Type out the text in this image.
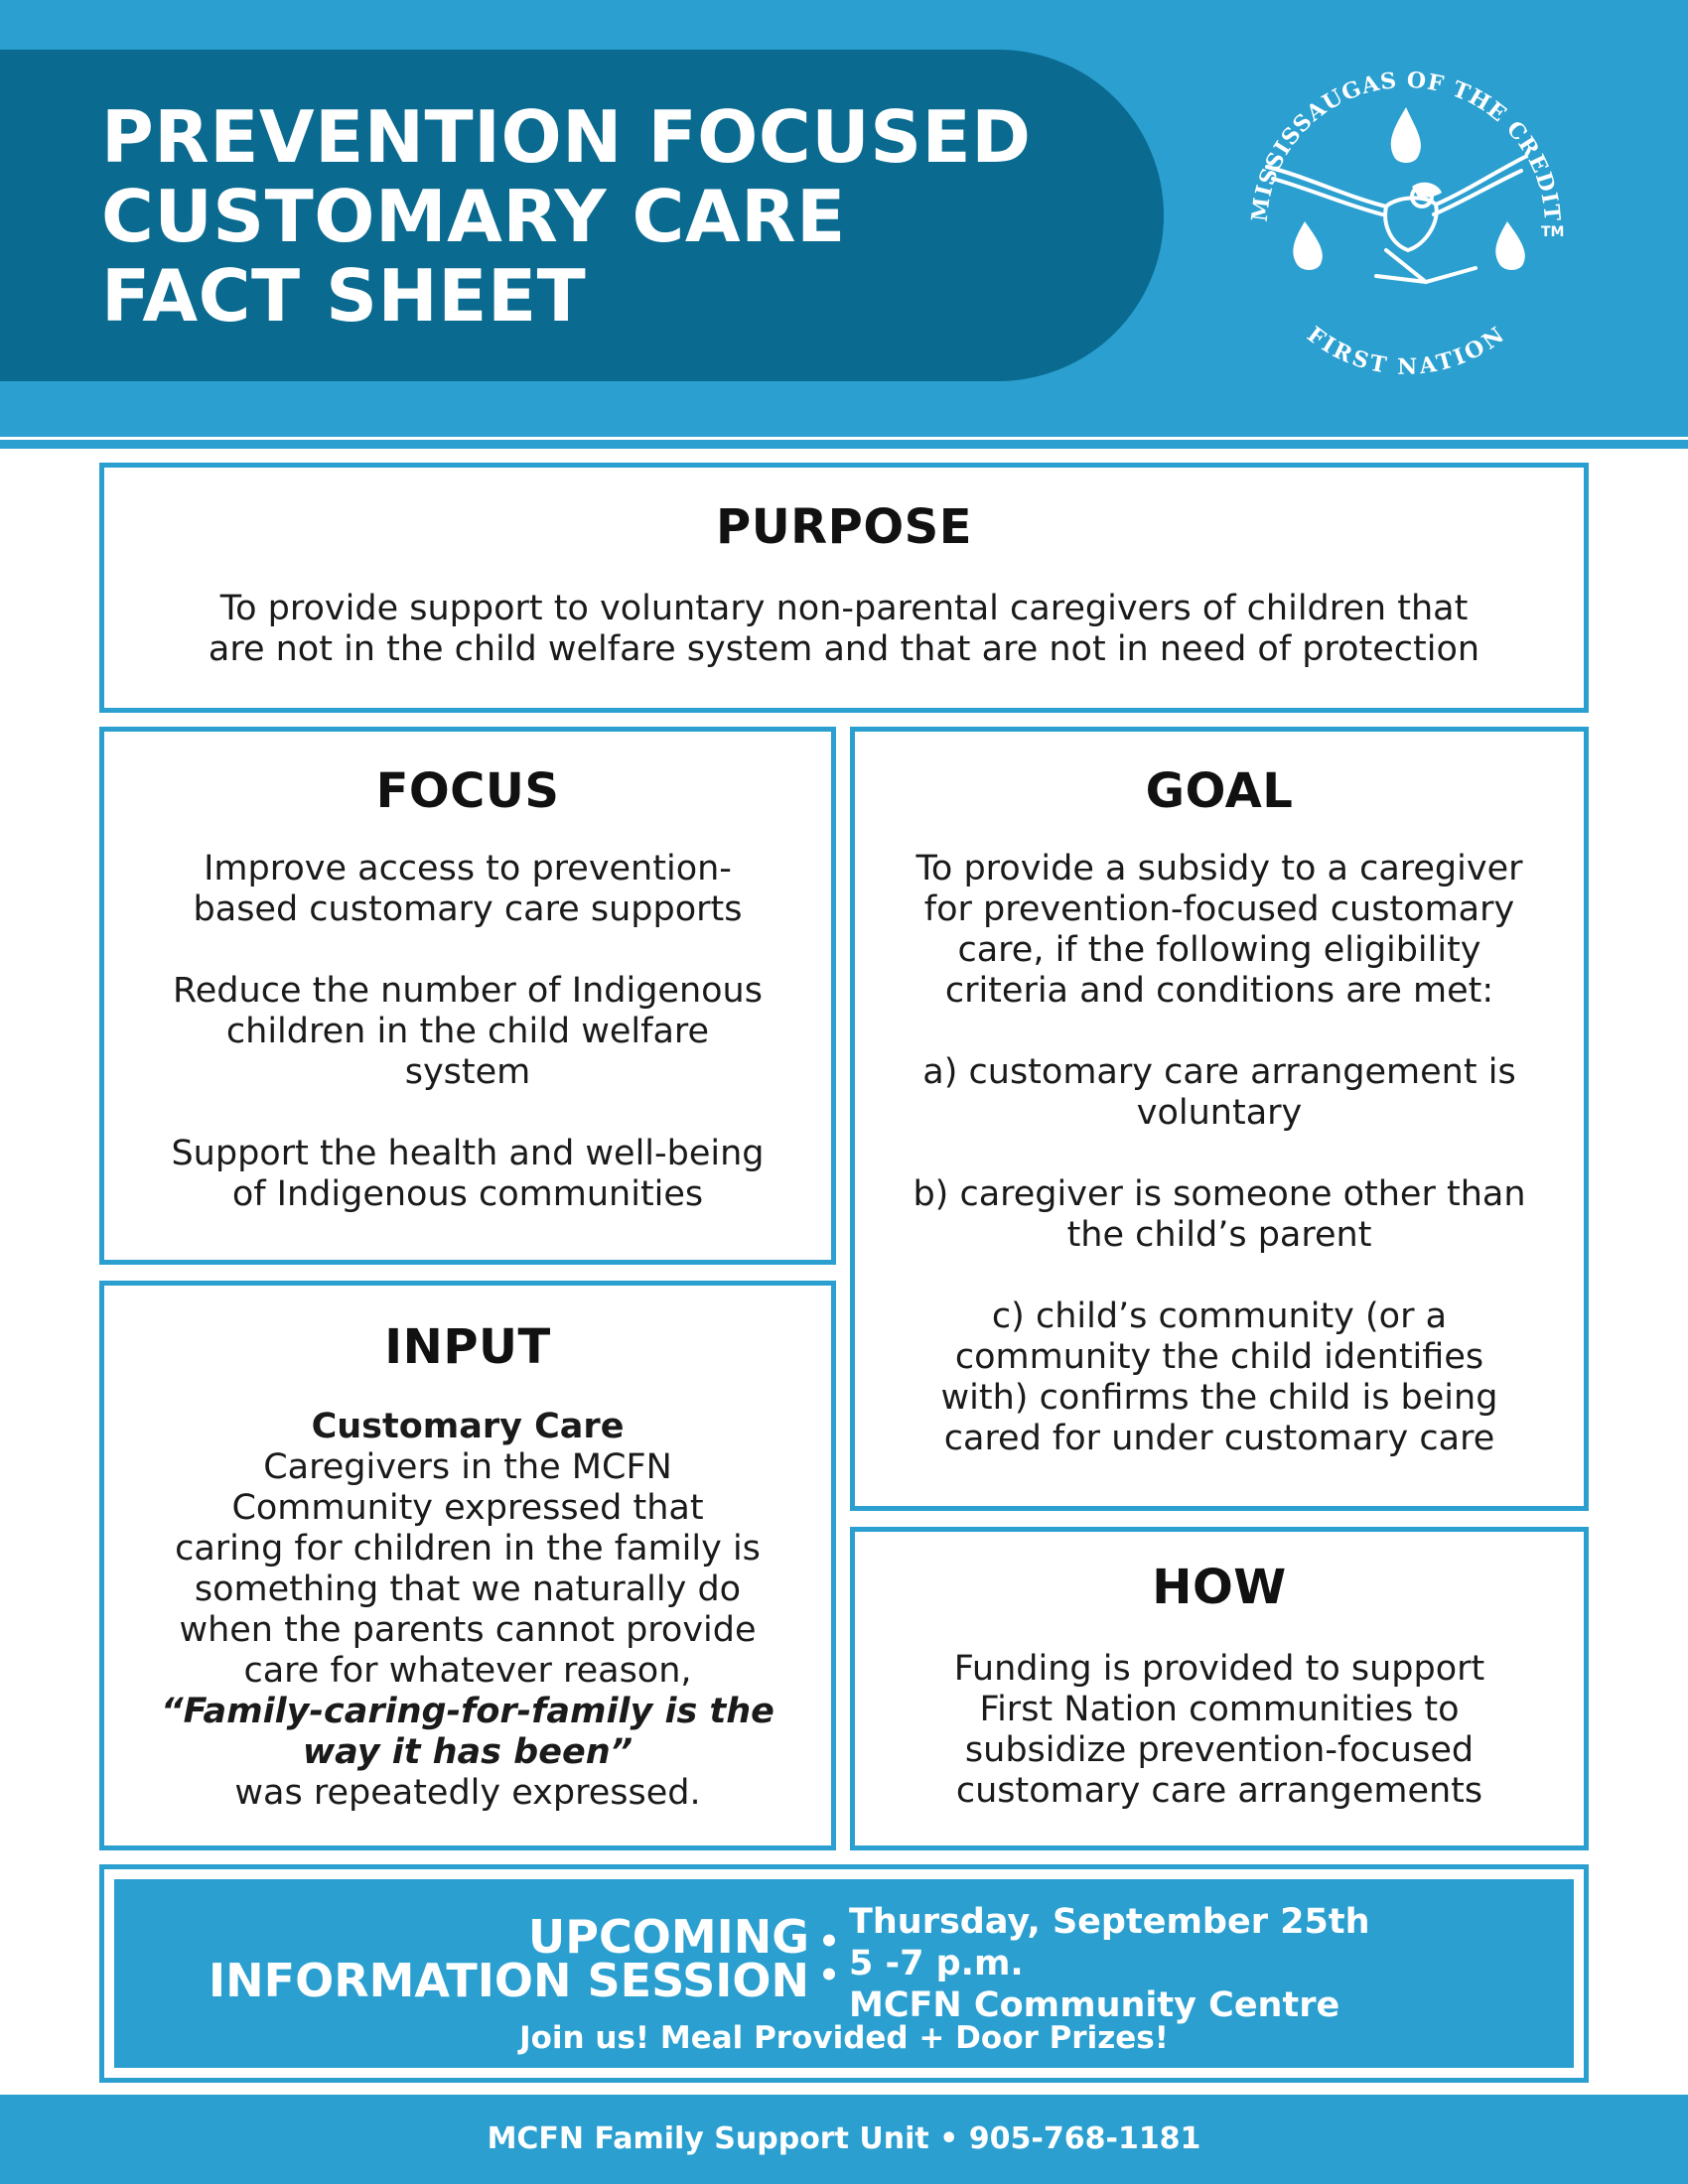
PREVENTION FOCUSED
CUSTOMARY CARE
FACT SHEET
MISSISSAUGAS OF THE CREDIT
FIRST NATION
TM
PURPOSE

To provide support to voluntary non-parental caregivers of children that
are not in the child welfare system and that are not in need of protection

FOCUS

Improve access to prevention-
based customary care supports

Reduce the number of Indigenous
children in the child welfare
system

Support the health and well-being
of Indigenous communities

GOAL

To provide a subsidy to a caregiver
for prevention-focused customary
care, if the following eligibility
criteria and conditions are met:

a) customary care arrangement is
voluntary

b) caregiver is someone other than
the child’s parent

c) child’s community (or a
community the child identifies
with) confirms the child is being
cared for under customary care

INPUT
Customary Care
Caregivers in the MCFN
Community expressed that
caring for children in the family is
something that we naturally do
when the parents cannot provide
care for whatever reason,
“Family-caring-for-family is the
way it has been”
was repeatedly expressed.
HOW

Funding is provided to support
First Nation communities to
subsidize prevention-focused
customary care arrangements

UPCOMING
INFORMATION SESSION
•
•
Thursday, September 25th
5 -7 p.m.
MCFN Community Centre
Join us! Meal Provided + Door Prizes!
MCFN Family Support Unit • 905-768-1181
